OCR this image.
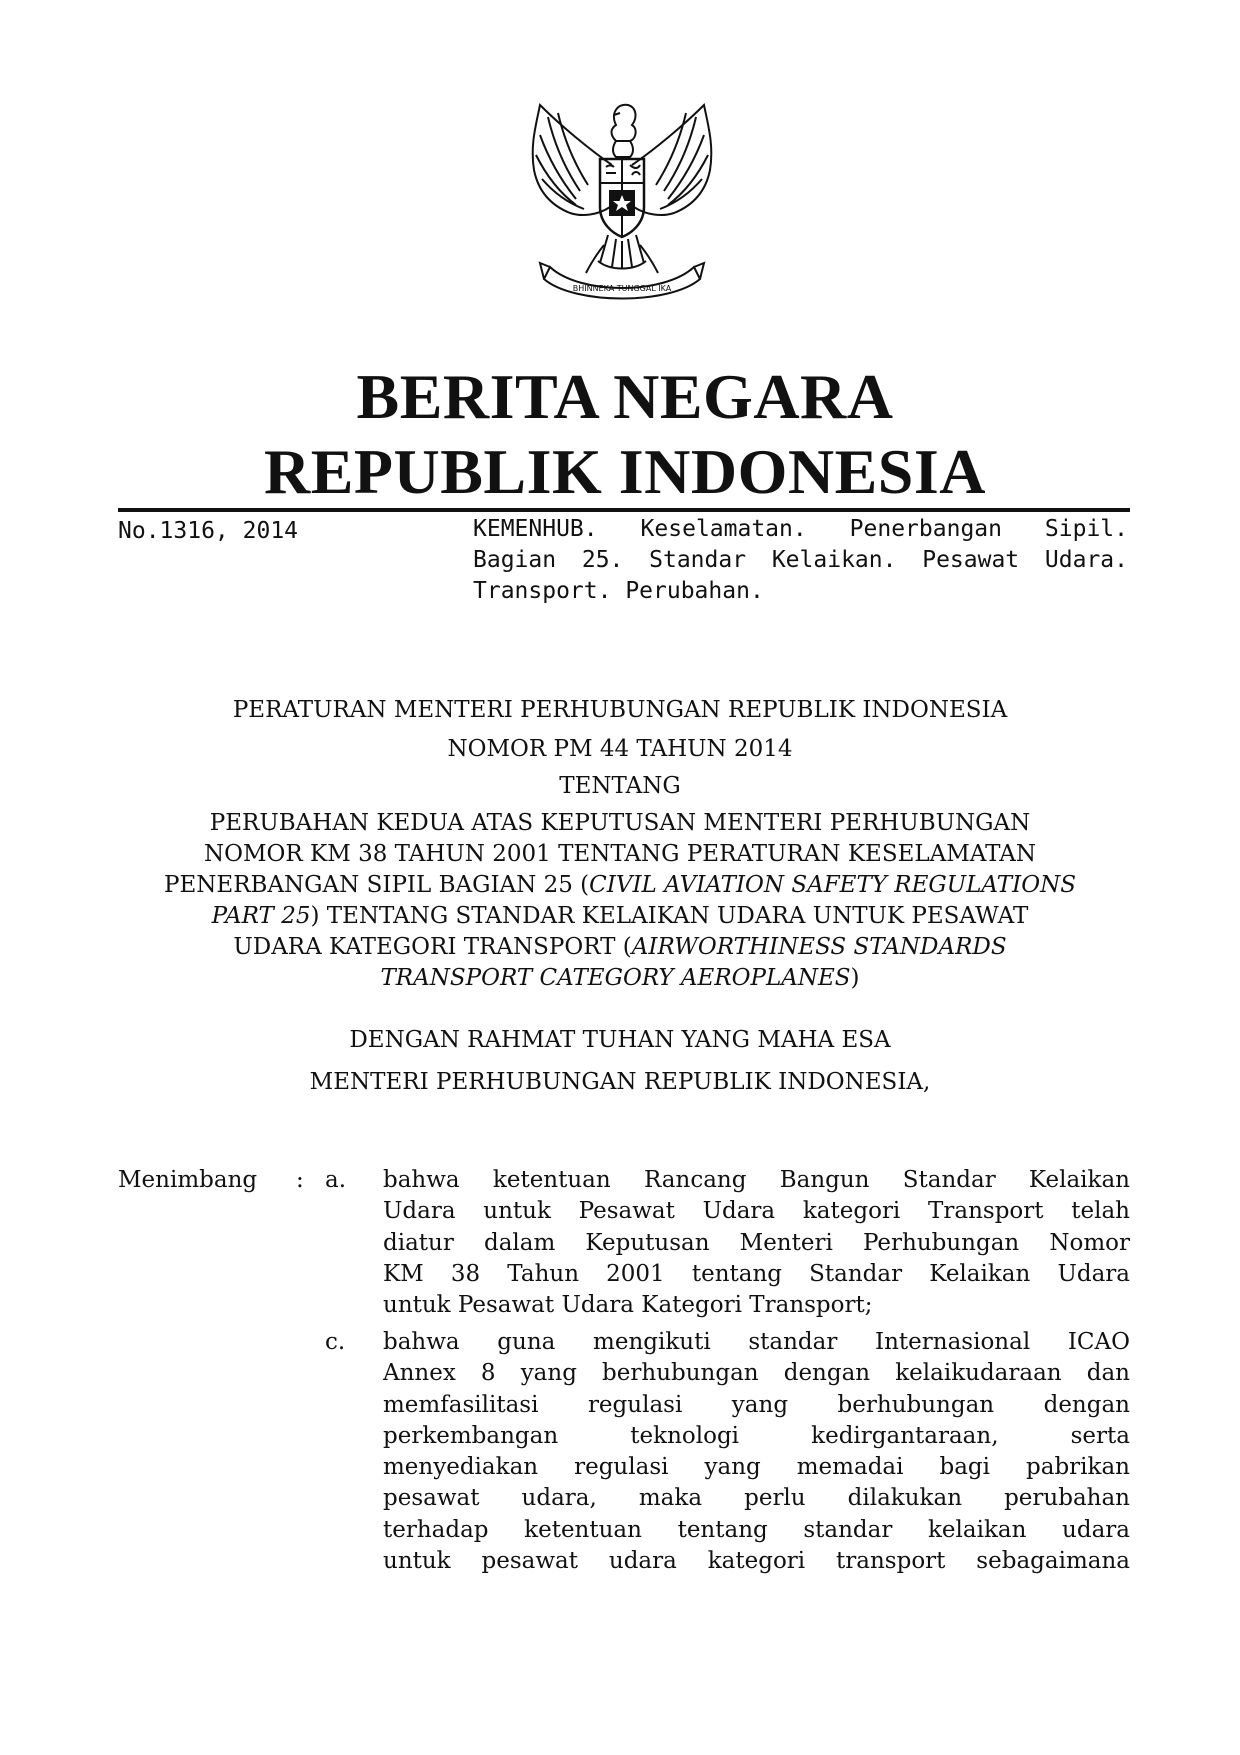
BHINNEKA TUNGGAL IKA
BERITA NEGARA
REPUBLIK INDONESIA
No.1316, 2014	KEMENHUB. Keselamatan. Penerbangan Sipil.
Bagian 25. Standar Kelaikan. Pesawat Udara.
Transport. Perubahan.
PERATURAN MENTERI PERHUBUNGAN REPUBLIK INDONESIA
NOMOR PM 44 TAHUN 2014
TENTANG
PERUBAHAN KEDUA ATAS KEPUTUSAN MENTERI PERHUBUNGAN
NOMOR KM 38 TAHUN 2001 TENTANG PERATURAN KESELAMATAN
PENERBANGAN SIPIL BAGIAN 25 (CIVIL AVIATION SAFETY REGULATIONS
PART 25) TENTANG STANDAR KELAIKAN UDARA UNTUK PESAWAT
UDARA KATEGORI TRANSPORT (AIRWORTHINESS STANDARDS
TRANSPORT CATEGORY AEROPLANES)
DENGAN RAHMAT TUHAN YANG MAHA ESA
MENTERI PERHUBUNGAN REPUBLIK INDONESIA,
Menimbang : a. bahwa ketentuan Rancang Bangun Standar Kelaikan
Udara untuk Pesawat Udara kategori Transport telah
diatur dalam Keputusan Menteri Perhubungan Nomor
KM 38 Tahun 2001 tentang Standar Kelaikan Udara
untuk Pesawat Udara Kategori Transport;
c. bahwa guna mengikuti standar Internasional ICAO
Annex 8 yang berhubungan dengan kelaikudaraan dan
memfasilitasi regulasi yang berhubungan dengan
perkembangan teknologi kedirgantaraan, serta
menyediakan regulasi yang memadai bagi pabrikan
pesawat udara, maka perlu dilakukan perubahan
terhadap ketentuan tentang standar kelaikan udara
untuk pesawat udara kategori transport sebagaimana
